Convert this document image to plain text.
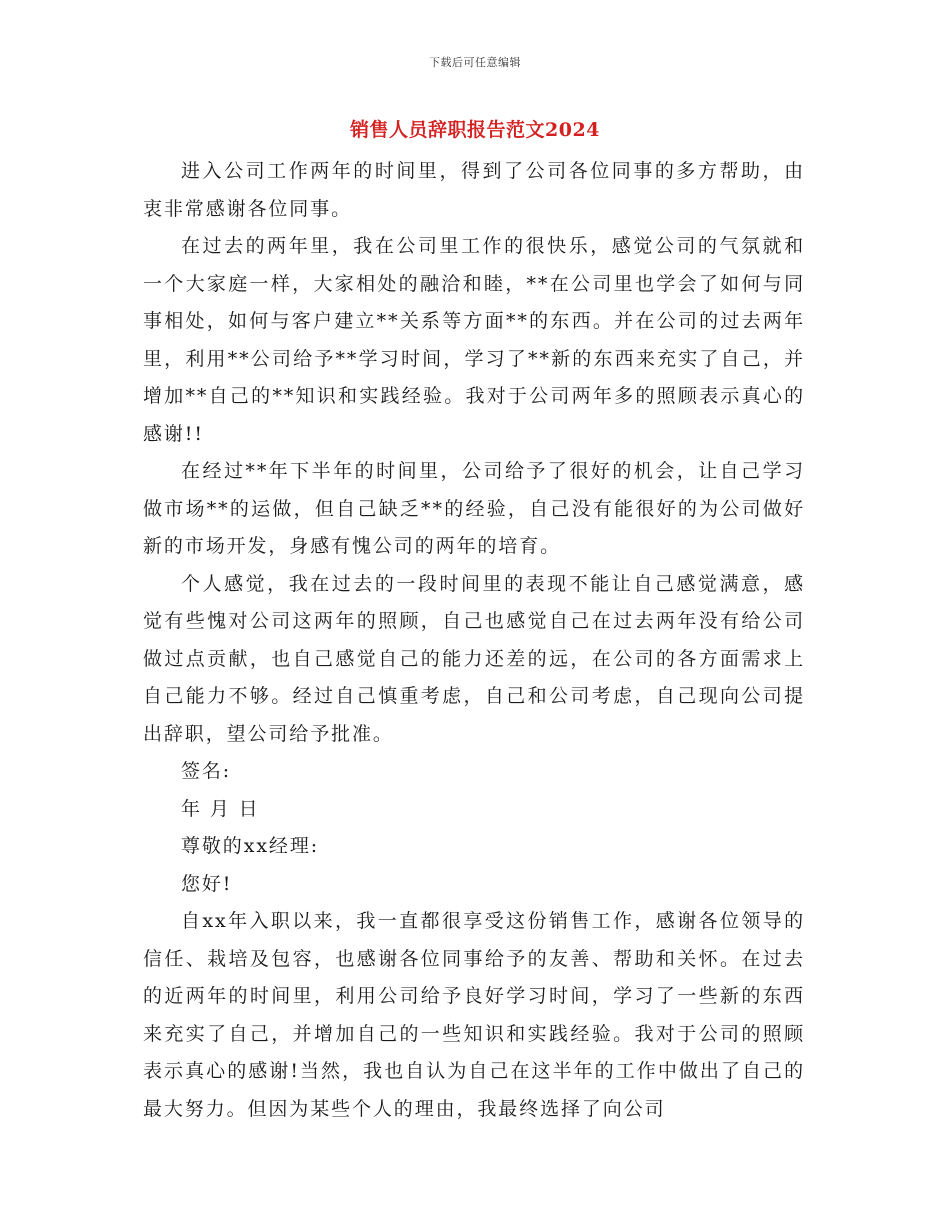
下载后可任意编辑
销售人员辞职报告范文2024

进入公司工作两年的时间里，得到了公司各位同事的多方帮助，由衷非常感谢各位同事。

在过去的两年里，我在公司里工作的很快乐，感觉公司的气氛就和一个大家庭一样，大家相处的融洽和睦，**在公司里也学会了如何与同事相处，如何与客户建立**关系等方面**的东西。并在公司的过去两年里，利用**公司给予**学习时间，学习了**新的东西来充实了自己，并增加**自己的**知识和实践经验。我对于公司两年多的照顾表示真心的感谢!!

在经过**年下半年的时间里，公司给予了很好的机会，让自己学习做市场**的运做，但自己缺乏**的经验，自己没有能很好的为公司做好新的市场开发，身感有愧公司的两年的培育。

个人感觉，我在过去的一段时间里的表现不能让自己感觉满意，感觉有些愧对公司这两年的照顾，自己也感觉自己在过去两年没有给公司做过点贡献，也自己感觉自己的能力还差的远，在公司的各方面需求上自己能力不够。经过自己慎重考虑，自己和公司考虑，自己现向公司提出辞职，望公司给予批准。

签名:

年 月 日

尊敬的xx经理:

您好!

自xx年入职以来，我一直都很享受这份销售工作，感谢各位领导的信任、栽培及包容，也感谢各位同事给予的友善、帮助和关怀。在过去的近两年的时间里，利用公司给予良好学习时间，学习了一些新的东西来充实了自己，并增加自己的一些知识和实践经验。我对于公司的照顾表示真心的感谢!当然，我也自认为自己在这半年的工作中做出了自己的最大努力。但因为某些个人的理由，我最终选择了向公司
